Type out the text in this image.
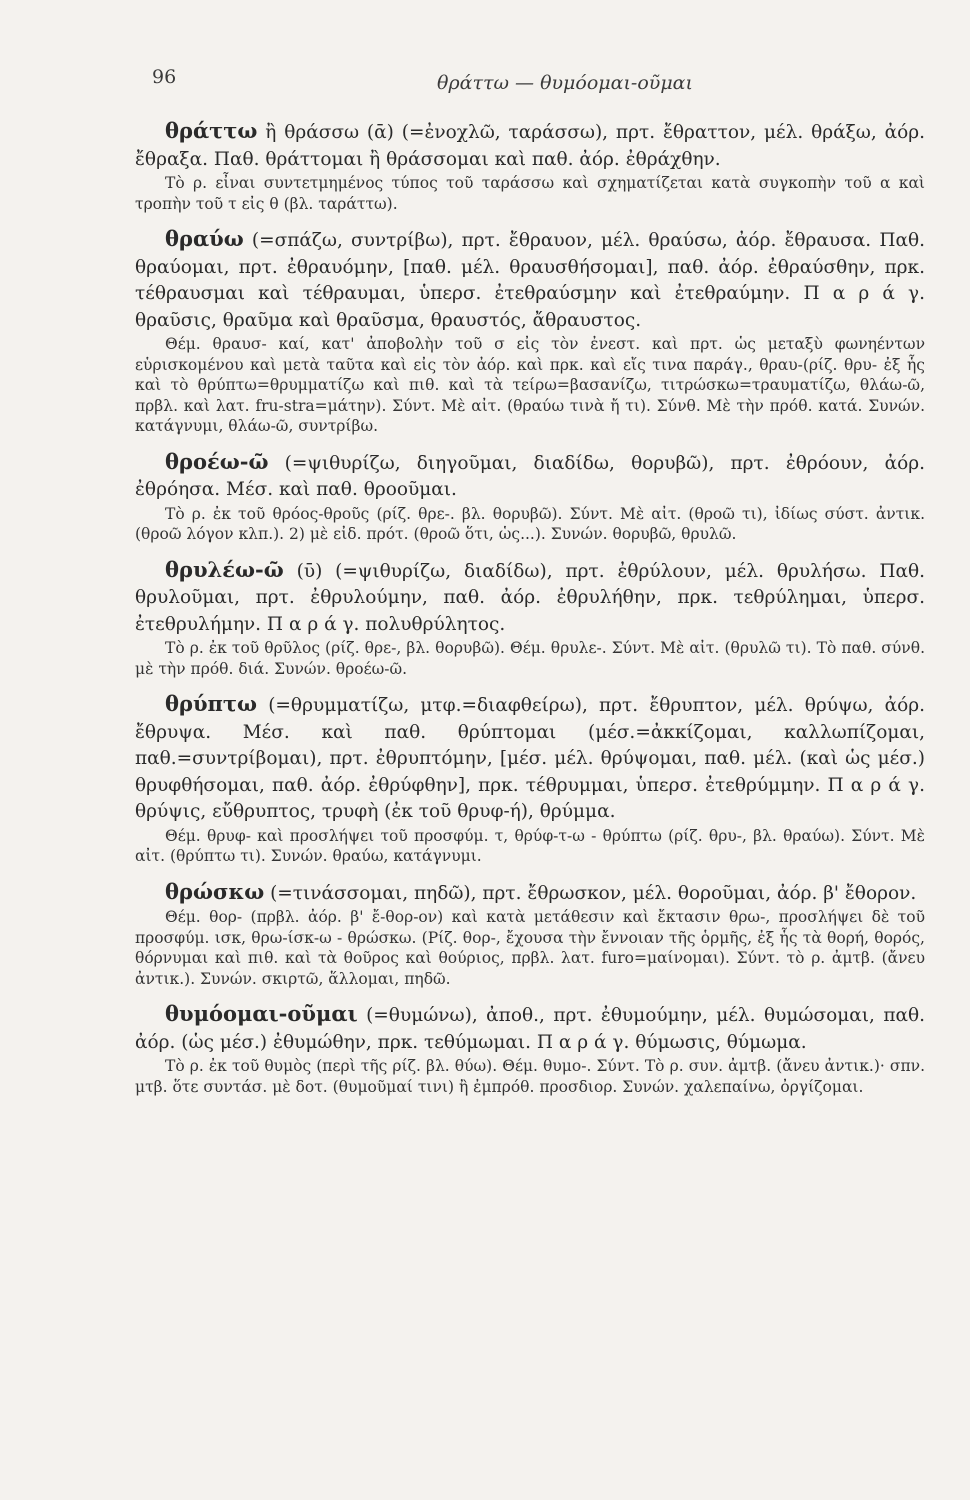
96	θράττω — θυμόομαι-οῦμαι

θράττω ἢ θράσσω (ᾱ) (=ἐνοχλῶ, ταράσσω), πρτ. ἔθραττον, μέλ. θράξω, ἀόρ. ἔθραξα. Παθ. θράττομαι ἢ θράσσομαι καὶ παθ. ἀόρ. ἐθράχθην.

Τὸ ρ. εἶναι συντετμημένος τύπος τοῦ ταράσσω καὶ σχηματίζεται κατὰ συγκοπὴν τοῦ α καὶ τροπὴν τοῦ τ εἰς θ (βλ. ταράττω).

θραύω (=σπάζω, συντρίβω), πρτ. ἔθραυον, μέλ. θραύσω, ἀόρ. ἔθραυσα. Παθ. θραύομαι, πρτ. ἐθραυόμην, [παθ. μέλ. θραυσθήσομαι], παθ. ἀόρ. ἐθραύσθην, πρκ. τέθραυσμαι καὶ τέθραυμαι, ὑπερσ. ἐτεθραύσμην καὶ ἐτεθραύμην. Π α ρ ά γ. θραῦσις, θραῦμα καὶ θραῦσμα, θραυστός, ἄθραυστος.

Θέμ. θραυσ- καί, κατ' ἀποβολὴν τοῦ σ εἰς τὸν ἐνεστ. καὶ πρτ. ὡς μεταξὺ φωνηέντων εὑρισκομένου καὶ μετὰ ταῦτα καὶ εἰς τὸν ἀόρ. καὶ πρκ. καὶ εἴς τινα παράγ., θραυ-(ρίζ. θρυ- ἐξ ἧς καὶ τὸ θρύπτω=θρυμματίζω καὶ πιθ. καὶ τὰ τείρω=βασανίζω, τιτρώσκω=τραυματίζω, θλάω-ῶ, πρβλ. καὶ λατ. fru-stra=μάτην). Σύντ. Μὲ αἰτ. (θραύω τινὰ ἤ τι). Σύνθ. Μὲ τὴν πρόθ. κατά. Συνών. κατάγνυμι, θλάω-ῶ, συντρίβω.

θροέω-ῶ (=ψιθυρίζω, διηγοῦμαι, διαδίδω, θορυβῶ), πρτ. ἐθρόουν, ἀόρ. ἐθρόησα. Μέσ. καὶ παθ. θροοῦμαι.

Τὸ ρ. ἐκ τοῦ θρόος-θροῦς (ρίζ. θρε-. βλ. θορυβῶ). Σύντ. Μὲ αἰτ. (θροῶ τι), ἰδίως σύστ. ἀντικ. (θροῶ λόγον κλπ.). 2) μὲ εἰδ. πρότ. (θροῶ ὅτι, ὡς...). Συνών. θορυβῶ, θρυλῶ.

θρυλέω-ῶ (ῡ) (=ψιθυρίζω, διαδίδω), πρτ. ἐθρύλουν, μέλ. θρυλήσω. Παθ. θρυλοῦμαι, πρτ. ἐθρυλούμην, παθ. ἀόρ. ἐθρυλήθην, πρκ. τεθρύλημαι, ὑπερσ. ἐτεθρυλήμην. Π α ρ ά γ. πολυθρύλητος.

Τὸ ρ. ἐκ τοῦ θρῦλος (ρίζ. θρε-, βλ. θορυβῶ). Θέμ. θρυλε-. Σύντ. Μὲ αἰτ. (θρυλῶ τι). Τὸ παθ. σύνθ. μὲ τὴν πρόθ. διά. Συνών. θροέω-ῶ.

θρύπτω (=θρυμματίζω, μτφ.=διαφθείρω), πρτ. ἔθρυπτον, μέλ. θρύψω, ἀόρ. ἔθρυψα. Μέσ. καὶ παθ. θρύπτομαι (μέσ.=ἀκκίζομαι, καλλωπίζομαι, παθ.=συντρίβομαι), πρτ. ἐθρυπτόμην, [μέσ. μέλ. θρύψομαι, παθ. μέλ. (καὶ ὡς μέσ.) θρυφθήσομαι, παθ. ἀόρ. ἐθρύφθην], πρκ. τέθρυμμαι, ὑπερσ. ἐτεθρύμμην. Π α ρ ά γ. θρύψις, εὔθρυπτος, τρυφὴ (ἐκ τοῦ θρυφ-ή), θρύμμα.

Θέμ. θρυφ- καὶ προσλήψει τοῦ προσφύμ. τ, θρύφ-τ-ω - θρύπτω (ρίζ. θρυ-, βλ. θραύω). Σύντ. Μὲ αἰτ. (θρύπτω τι). Συνών. θραύω, κατάγνυμι.

θρώσκω (=τινάσσομαι, πηδῶ), πρτ. ἔθρωσκον, μέλ. θοροῦμαι, ἀόρ. β' ἔθορον.

Θέμ. θορ- (πρβλ. ἀόρ. β' ἔ-θορ-ον) καὶ κατὰ μετάθεσιν καὶ ἔκτασιν θρω-, προσλήψει δὲ τοῦ προσφύμ. ισκ, θρω-ίσκ-ω - θρώσκω. (Ρίζ. θορ-, ἔχουσα τὴν ἔννοιαν τῆς ὁρμῆς, ἐξ ἧς τὰ θορή, θορός, θόρνυμαι καὶ πιθ. καὶ τὰ θοῦρος καὶ θούριος, πρβλ. λατ. furo=μαίνομαι). Σύντ. τὸ ρ. ἀμτβ. (ἄνευ ἀντικ.). Συνών. σκιρτῶ, ἅλλομαι, πηδῶ.

θυμόομαι-οῦμαι (=θυμώνω), ἀποθ., πρτ. ἐθυμούμην, μέλ. θυμώσομαι, παθ. ἀόρ. (ὡς μέσ.) ἐθυμώθην, πρκ. τεθύμωμαι. Π α ρ ά γ. θύμωσις, θύμωμα.

Τὸ ρ. ἐκ τοῦ θυμὸς (περὶ τῆς ρίζ. βλ. θύω). Θέμ. θυμο-. Σύντ. Τὸ ρ. συν. ἀμτβ. (ἄνευ ἀντικ.)· σπν. μτβ. ὅτε συντάσ. μὲ δοτ. (θυμοῦμαί τινι) ἢ ἐμπρόθ. προσδιορ. Συνών. χαλεπαίνω, ὀργίζομαι.
